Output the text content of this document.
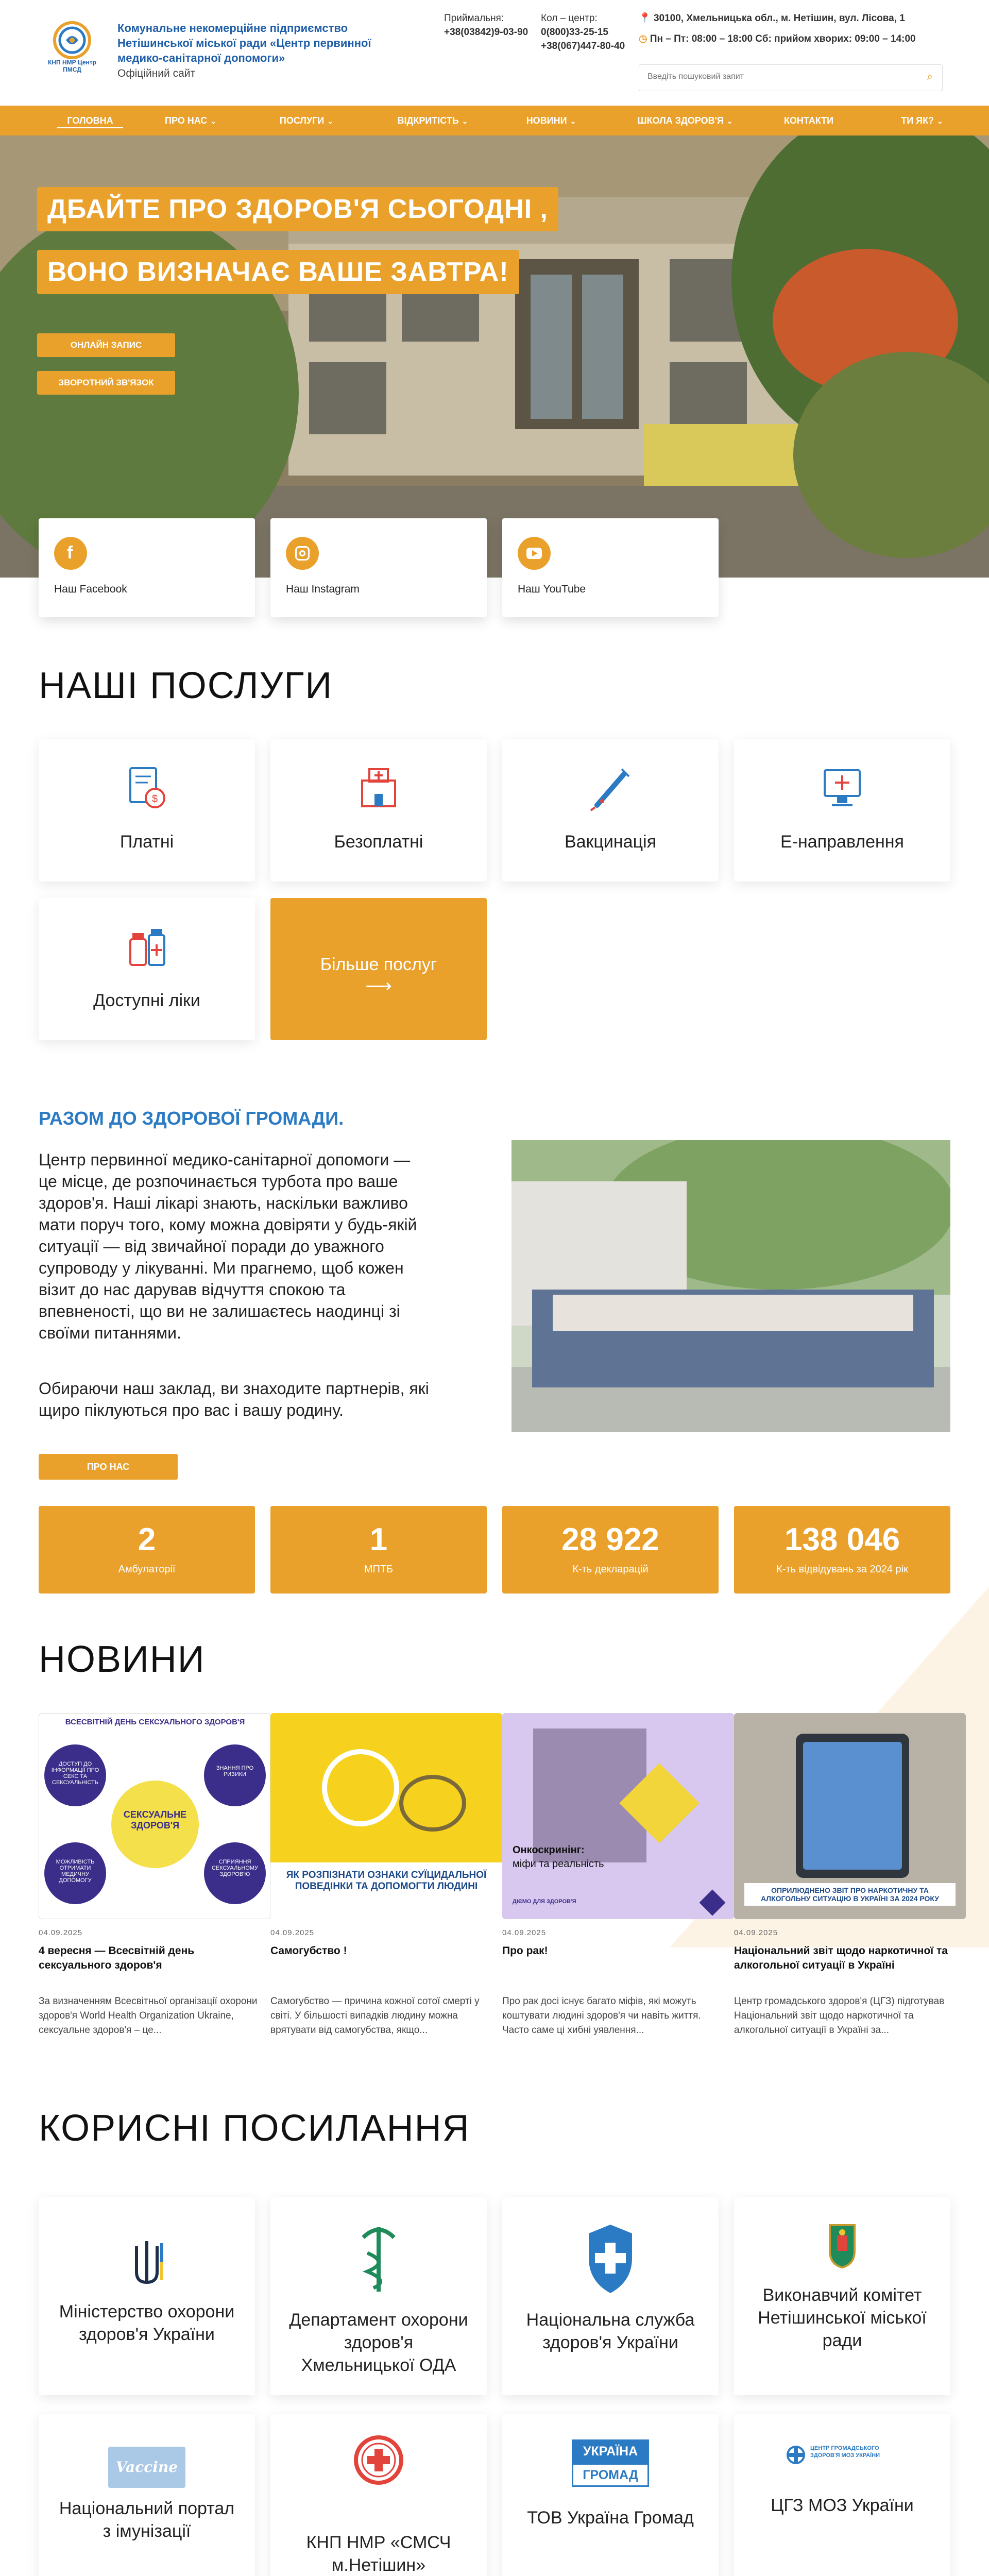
КНП НМР Центр ПМСД
Комунальне некомерційне підприємство Нетішинської міської ради «Центр первинної медико-санітарної допомоги»
Офіційний сайт
Приймальня:
+38(03842)9-03-90
Кол – центр:
0(800)33-25-15
+38(067)447-80-40
📍 30100, Хмельницька обл., м. Нетішин, вул. Лісова, 1
◷ Пн – Пт: 08:00 – 18:00 Сб: прийом хворих: 09:00 – 14:00
Введіть пошуковий запит
⌕
ГОЛОВНА	ПРО НАС ⌄	ПОСЛУГИ ⌄	ВІДКРИТІСТЬ ⌄	НОВИНИ ⌄	ШКОЛА ЗДОРОВ'Я ⌄	КОНТАКТИ	ТИ ЯК? ⌄
ДБАЙТЕ ПРО ЗДОРОВ'Я СЬОГОДНІ ,
ВОНО ВИЗНАЧАЄ ВАШЕ ЗАВТРА!
ОНЛАЙН ЗАПИС
ЗВОРОТНИЙ ЗВ'ЯЗОК
f
Наш Facebook	Наш Instagram	Наш YouTube
НАШІ ПОСЛУГИ
$
Платні	Безоплатні	Вакцинація	Е-направлення
Доступні ліки
Більше послуг
⟶
РАЗОМ ДО ЗДОРОВОЇ ГРОМАДИ.
Центр первинної медико-санітарної допомоги — це місце, де розпочинається турбота про ваше здоров'я. Наші лікарі знають, наскільки важливо мати поруч того, кому можна довіряти у будь-якій ситуації — від звичайної поради до уважного супроводу у лікуванні. Ми прагнемо, щоб кожен візит до нас дарував відчуття спокою та впевненості, що ви не залишаєтесь наодинці зі своїми питаннями.
Обираючи наш заклад, ви знаходите партнерів, які щиро піклуються про вас і вашу родину.
ПРО НАС
2
Амбулаторії
1
МПТБ
28 922
К-ть декларацій
138 046
К-ть відвідувань за 2024 рік
НОВИНИ
ВСЕСВІТНІЙ ДЕНЬ СЕКСУАЛЬНОГО ЗДОРОВ'Я
СЕКСУАЛЬНЕ ЗДОРОВ'Я
ДОСТУП ДО ІНФОРМАЦІЇ ПРО СЕКС ТА СЕКСУАЛЬНІСТЬ
ЗНАННЯ ПРО РИЗИКИ
МОЖЛИВІСТЬ ОТРИМАТИ МЕДИЧНУ ДОПОМОГУ
СПРИЯННЯ СЕКСУАЛЬНОМУ ЗДОРОВ'Ю
04.09.2025
4 вересня — Всесвітній день сексуального здоров'я
За визначенням Всесвітньої організації охорони здоров'я World Health Organization Ukraine, сексуальне здоров'я – це...
ЯК РОЗПІЗНАТИ ОЗНАКИ СУЇЦИДАЛЬНОЇ ПОВЕДІНКИ ТА ДОПОМОГТИ ЛЮДИНІ
04.09.2025
Самогубство !
Самогубство — причина кожної сотої смерті у світі. У більшості випадків людину можна врятувати від самогубства, якщо...
Онкоскринінг:
міфи та реальність
ДІЄМО ДЛЯ ЗДОРОВ'Я
04.09.2025
Про рак!
Про рак досі існує багато міфів, які можуть коштувати людині здоров'я чи навіть життя. Часто саме ці хибні уявлення...
ОПРИЛЮДНЕНО ЗВІТ ПРО НАРКОТИЧНУ ТА АЛКОГОЛЬНУ СИТУАЦІЮ В УКРАЇНІ ЗА 2024 РОКУ
04.09.2025
Національний звіт щодо наркотичної та алкогольної ситуації в Україні
Центр громадського здоров'я (ЦГЗ) підготував Національний звіт щодо наркотичної та алкогольної ситуації в Україні за...
КОРИСНІ ПОСИЛАННЯ
Міністерство охорони здоров'я України
Департамент охорони здоров'я Хмельницької ОДА
Національна служба здоров'я України
Виконавчий комітет Нетішинської міської ради
Vaccine
Національний портал з імунізації
КНП НМР «СМСЧ м.Нетішин»
УКРАЇНА
ГРОМАД
ТОВ Україна Громад
ЦЕНТР ГРОМАДСЬКОГО ЗДОРОВ'Я МОЗ УКРАЇНИ
ЦГЗ МОЗ України
